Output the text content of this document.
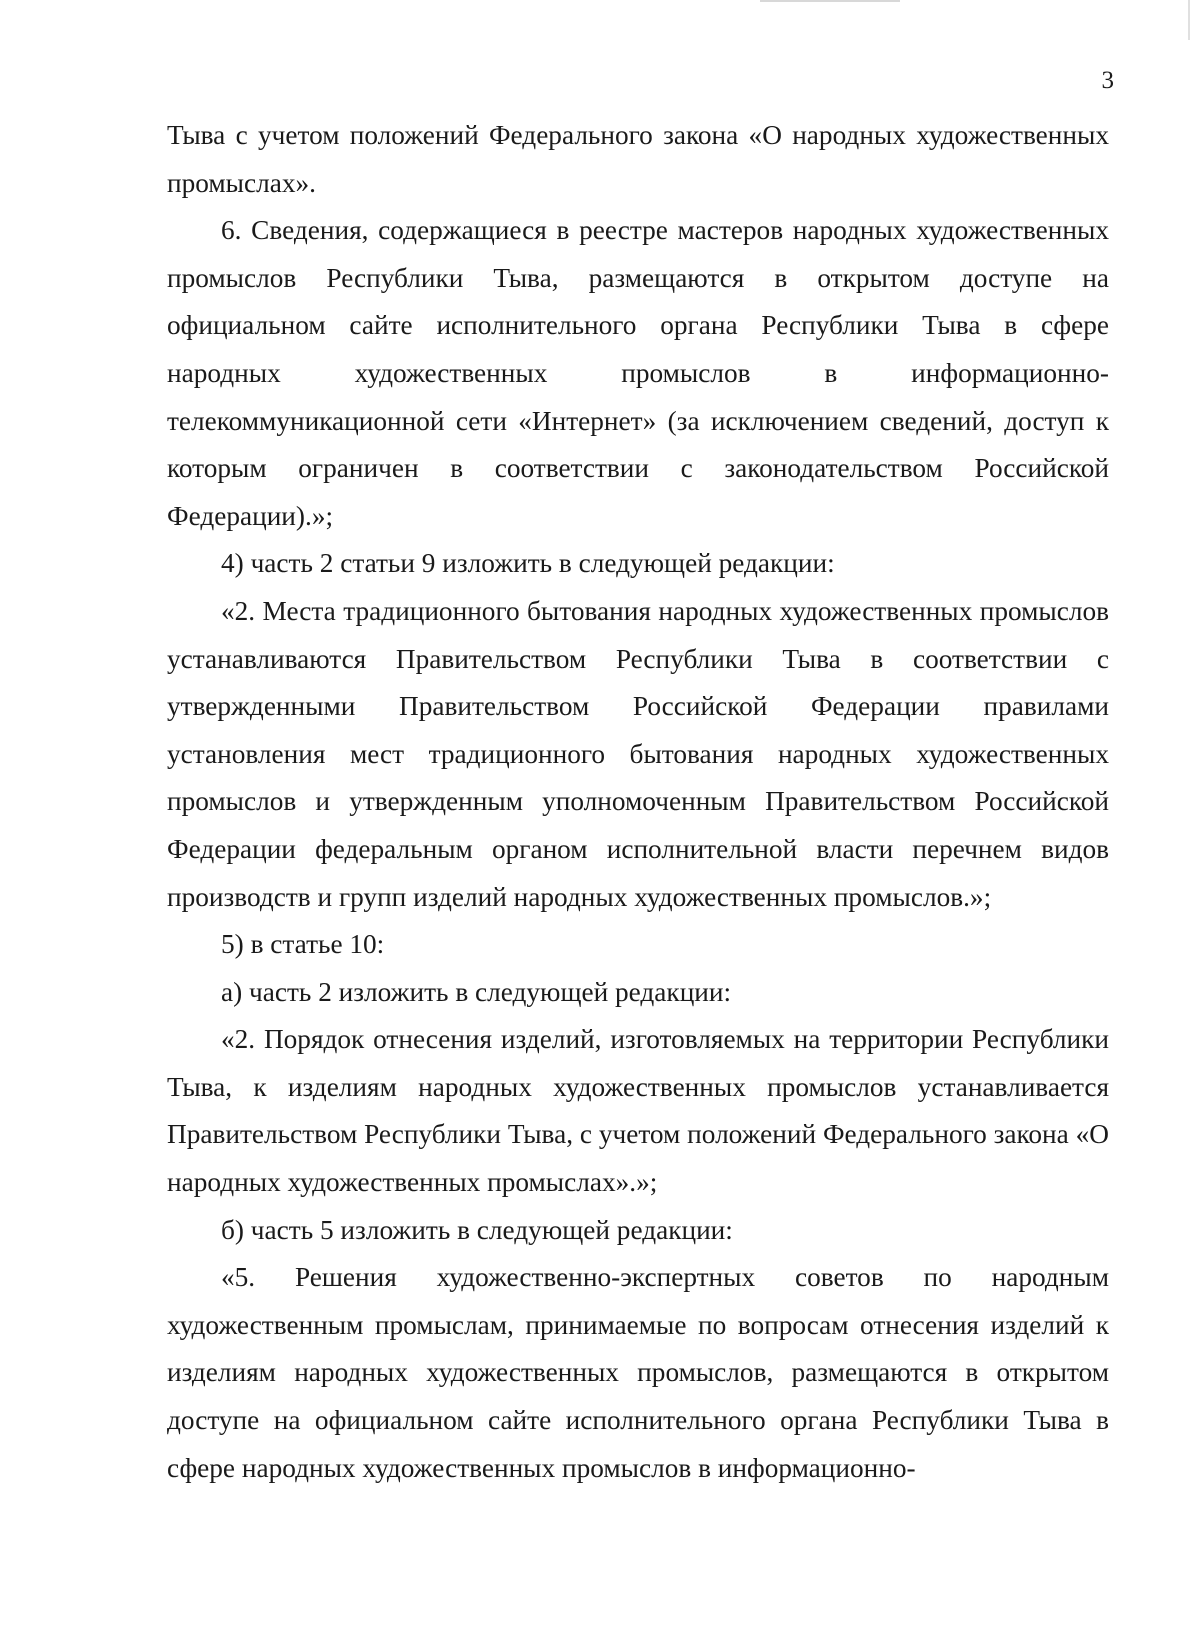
3

Тыва с учетом положений Федерального закона «О народных художественных промыслах».

6. Сведения, содержащиеся в реестре мастеров народных художественных промыслов Республики Тыва, размещаются в открытом доступе на официальном сайте исполнительного органа Республики Тыва в сфере народных художественных промыслов в информационно-телекоммуникационной сети «Интернет» (за исключением сведений, доступ к которым ограничен в соответствии с законодательством Российской Федерации).»;

4) часть 2 статьи 9 изложить в следующей редакции:

«2. Места традиционного бытования народных художественных промыслов устанавливаются Правительством Республики Тыва в соответствии с утвержденными Правительством Российской Федерации правилами установления мест традиционного бытования народных художественных промыслов и утвержденным уполномоченным Правительством Российской Федерации федеральным органом исполнительной власти перечнем видов производств и групп изделий народных художественных промыслов.»;

5) в статье 10:

а) часть 2 изложить в следующей редакции:

«2. Порядок отнесения изделий, изготовляемых на территории Республики Тыва, к изделиям народных художественных промыслов устанавливается Правительством Республики Тыва, с учетом положений Федерального закона «О народных художественных промыслах».»;

б) часть 5 изложить в следующей редакции:

«5. Решения художественно-экспертных советов по народным художественным промыслам, принимаемые по вопросам отнесения изделий к изделиям народных художественных промыслов, размещаются в открытом доступе на официальном сайте исполнительного органа Республики Тыва в сфере народных художественных промыслов в информационно-
